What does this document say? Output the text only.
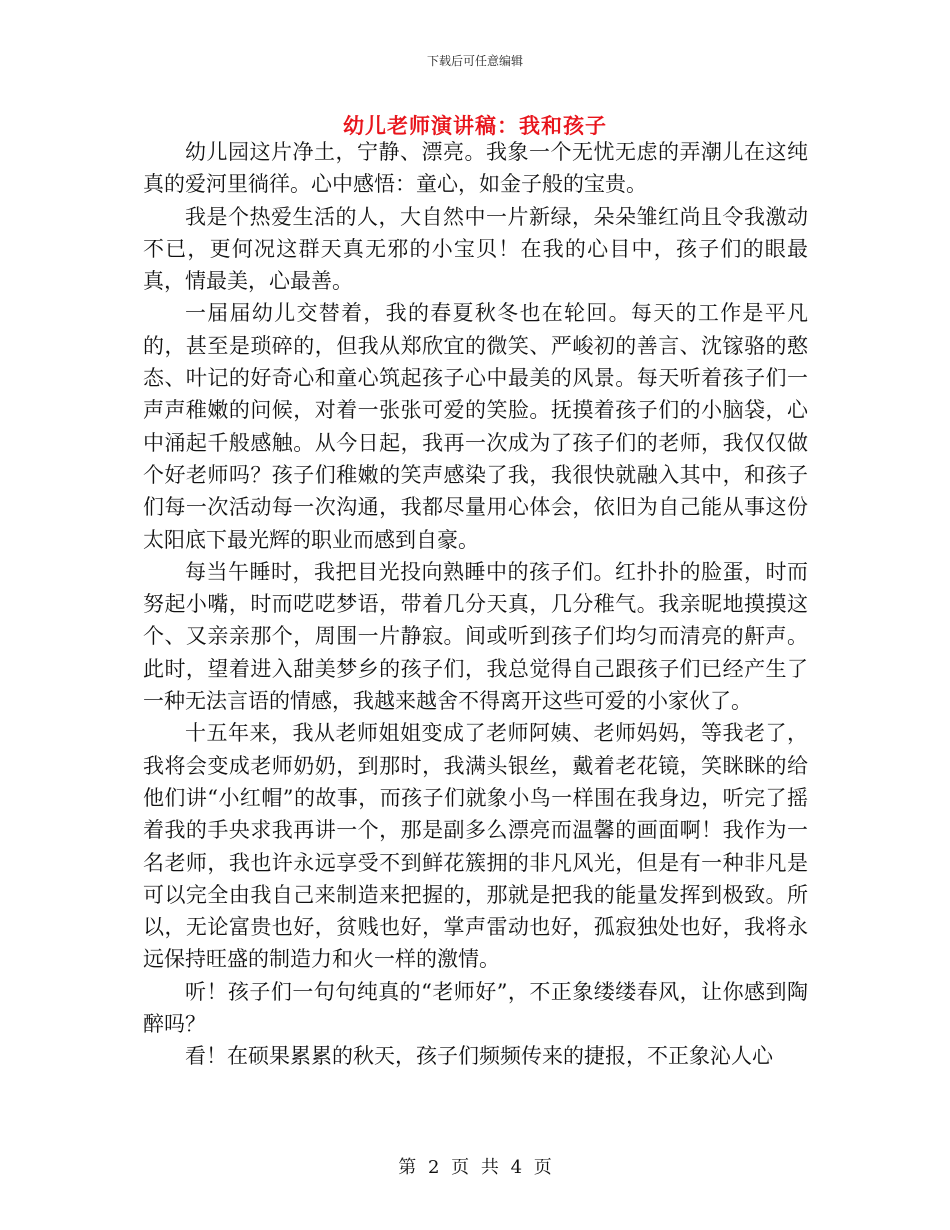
下载后可任意编辑
幼儿老师演讲稿：我和孩子

幼儿园这片净土，宁静、漂亮。我象一个无忧无虑的弄潮儿在这纯真的爱河里徜徉。心中感悟：童心，如金子般的宝贵。

我是个热爱生活的人，大自然中一片新绿，朵朵雏红尚且令我激动不已，更何况这群天真无邪的小宝贝！在我的心目中，孩子们的眼最真，情最美，心最善。

一届届幼儿交替着，我的春夏秋冬也在轮回。每天的工作是平凡的，甚至是琐碎的，但我从郑欣宜的微笑、严峻初的善言、沈镓骆的憨态、叶记的好奇心和童心筑起孩子心中最美的风景。每天听着孩子们一声声稚嫩的问候，对着一张张可爱的笑脸。抚摸着孩子们的小脑袋，心中涌起千般感触。从今日起，我再一次成为了孩子们的老师，我仅仅做个好老师吗？孩子们稚嫩的笑声感染了我，我很快就融入其中，和孩子们每一次活动每一次沟通，我都尽量用心体会，依旧为自己能从事这份太阳底下最光辉的职业而感到自豪。

每当午睡时，我把目光投向熟睡中的孩子们。红扑扑的脸蛋，时而努起小嘴，时而呓呓梦语，带着几分天真，几分稚气。我亲昵地摸摸这个、又亲亲那个，周围一片静寂。间或听到孩子们均匀而清亮的鼾声。此时，望着进入甜美梦乡的孩子们，我总觉得自己跟孩子们已经产生了一种无法言语的情感，我越来越舍不得离开这些可爱的小家伙了。

十五年来，我从老师姐姐变成了老师阿姨、老师妈妈，等我老了，我将会变成老师奶奶，到那时，我满头银丝，戴着老花镜，笑眯眯的给他们讲“小红帽”的故事，而孩子们就象小鸟一样围在我身边，听完了摇着我的手央求我再讲一个，那是副多么漂亮而温馨的画面啊！我作为一名老师，我也许永远享受不到鲜花簇拥的非凡风光，但是有一种非凡是可以完全由我自己来制造来把握的，那就是把我的能量发挥到极致。所以，无论富贵也好，贫贱也好，掌声雷动也好，孤寂独处也好，我将永远保持旺盛的制造力和火一样的激情。

听！孩子们一句句纯真的“老师好”，不正象缕缕春风，让你感到陶醉吗？

看！在硕果累累的秋天，孩子们频频传来的捷报，不正象沁人心

第 2 页 共 4 页
